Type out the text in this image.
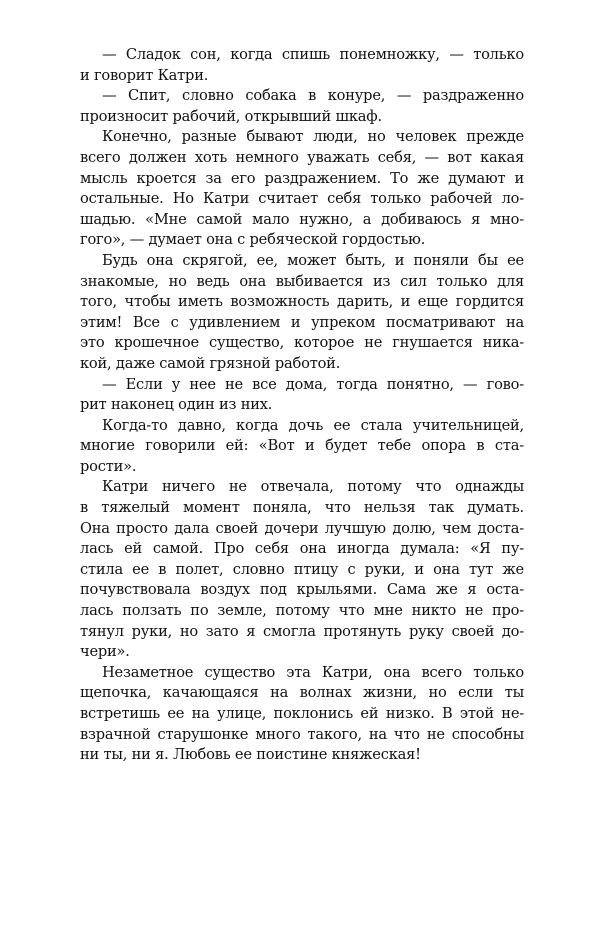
— Сладок сон, когда спишь понемножку, — только
и говорит Катри.

— Спит, словно собака в конуре, — раздраженно
произносит рабочий, открывший шкаф.

Конечно, разные бывают люди, но человек прежде
всего должен хоть немного уважать себя, — вот какая
мысль кроется за его раздражением. То же думают и
остальные. Но Катри считает себя только рабочей ло-
шадью. «Мне самой мало нужно, а добиваюсь я мно-
гого», — думает она с ребяческой гордостью.

Будь она скрягой, ее, может быть, и поняли бы ее
знакомые, но ведь она выбивается из сил только для
того, чтобы иметь возможность дарить, и еще гордится
этим! Все с удивлением и упреком посматривают на
это крошечное существо, которое не гнушается ника-
кой, даже самой грязной работой.

— Если у нее не все дома, тогда понятно, — гово-
рит наконец один из них.

Когда-то давно, когда дочь ее стала учительницей,
многие говорили ей: «Вот и будет тебе опора в ста-
рости».

Катри ничего не отвечала, потому что однажды
в тяжелый момент поняла, что нельзя так думать.
Она просто дала своей дочери лучшую долю, чем доста-
лась ей самой. Про себя она иногда думала: «Я пу-
стила ее в полет, словно птицу с руки, и она тут же
почувствовала воздух под крыльями. Сама же я оста-
лась ползать по земле, потому что мне никто не про-
тянул руки, но зато я смогла протянуть руку своей до-
чери».

Незаметное существо эта Катри, она всего только
щепочка, качающаяся на волнах жизни, но если ты
встретишь ее на улице, поклонись ей низко. В этой не-
взрачной старушонке много такого, на что не способны
ни ты, ни я. Любовь ее поистине княжеская!
